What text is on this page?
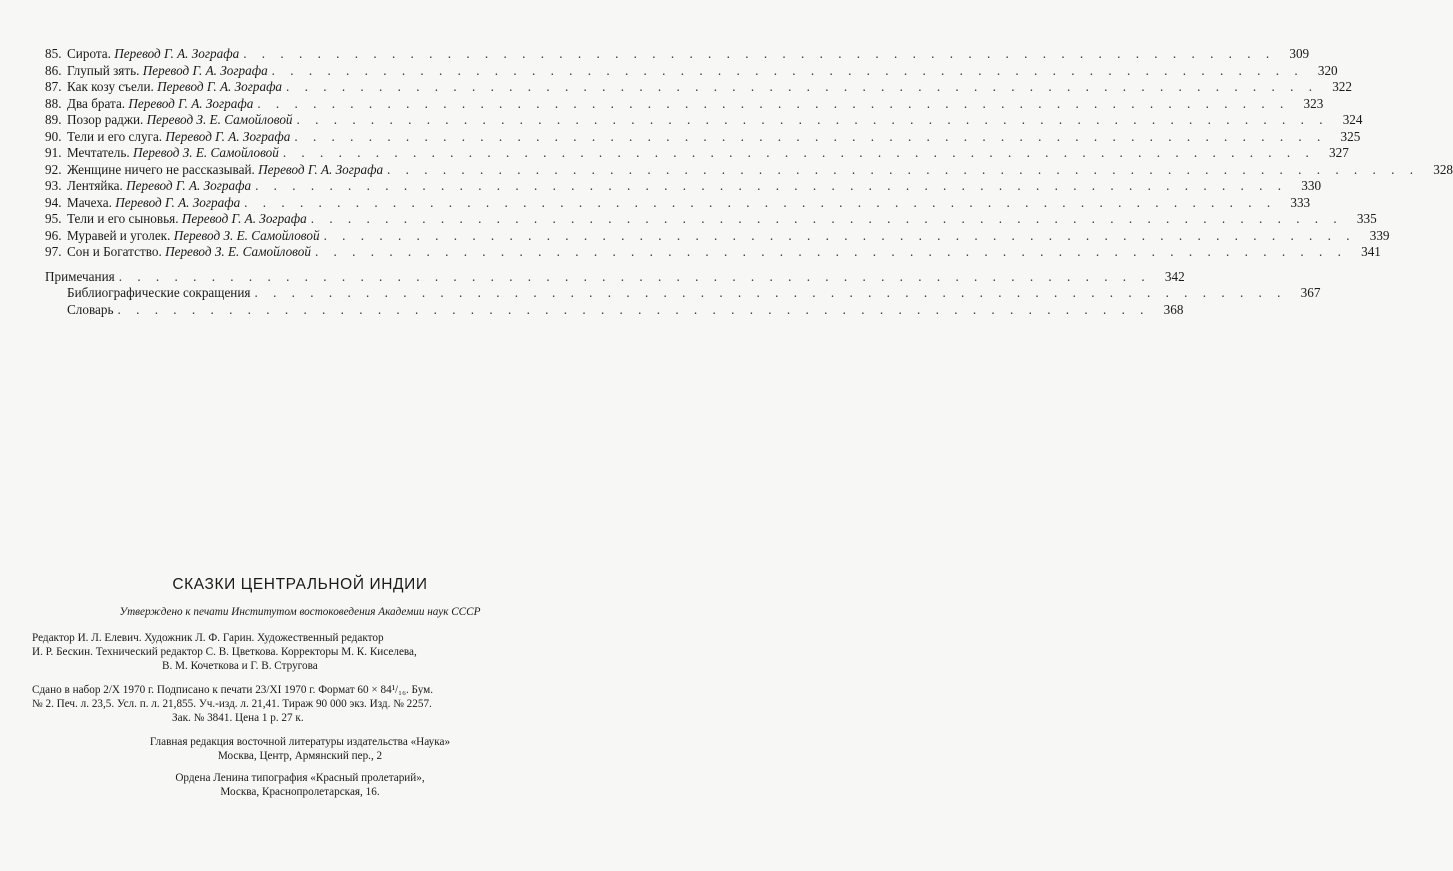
85. Сирота. Перевод Г. А. Зографа . . . . . . . . . . . . . . . . . . . . . . . . . . . . . . . . . . . . . . . . . . . . . . . . . . . . . . . .	309
86. Глупый зять. Перевод Г. А. Зографа . . . . . . . . . . . . . . . . . . . . . . . . . . . . . . . . . . . . . . . . . . . . . . . . . . . . . . . .	320
87. Как козу съели. Перевод Г. А. Зографа . . . . . . . . . . . . . . . . . . . . . . . . . . . . . . . . . . . . . . . . . . . . . . . . . . . . . . . .	322
88. Два брата. Перевод Г. А. Зографа . . . . . . . . . . . . . . . . . . . . . . . . . . . . . . . . . . . . . . . . . . . . . . . . . . . . . . . .	323
89. Позор раджи. Перевод З. Е. Самойловой . . . . . . . . . . . . . . . . . . . . . . . . . . . . . . . . . . . . . . . . . . . . . . . . . . . . . . . .	324
90. Тели и его слуга. Перевод Г. А. Зографа . . . . . . . . . . . . . . . . . . . . . . . . . . . . . . . . . . . . . . . . . . . . . . . . . . . . . . . .	325
91. Мечтатель. Перевод З. Е. Самойловой . . . . . . . . . . . . . . . . . . . . . . . . . . . . . . . . . . . . . . . . . . . . . . . . . . . . . . . .	327
92. Женщине ничего не рассказывай. Перевод Г. А. Зографа . . . . . . . . . . . . . . . . . . . . . . . . . . . . . . . . . . . . . . . . . . . . . . . . . . . . . . . .	328
93. Лентяйка. Перевод Г. А. Зографа . . . . . . . . . . . . . . . . . . . . . . . . . . . . . . . . . . . . . . . . . . . . . . . . . . . . . . . .	330
94. Мачеха. Перевод Г. А. Зографа . . . . . . . . . . . . . . . . . . . . . . . . . . . . . . . . . . . . . . . . . . . . . . . . . . . . . . . .	333
95. Тели и его сыновья. Перевод Г. А. Зографа . . . . . . . . . . . . . . . . . . . . . . . . . . . . . . . . . . . . . . . . . . . . . . . . . . . . . . . .	335
96. Муравей и уголек. Перевод З. Е. Самойловой . . . . . . . . . . . . . . . . . . . . . . . . . . . . . . . . . . . . . . . . . . . . . . . . . . . . . . . .	339
97. Сон и Богатство. Перевод З. Е. Самойловой . . . . . . . . . . . . . . . . . . . . . . . . . . . . . . . . . . . . . . . . . . . . . . . . . . . . . . . .	341
Примечания . . . . . . . . . . . . . . . . . . . . . . . . . . . . . . . . . . . . . . . . . . . . . . . . . . . . . . . .	342
Библиографические сокращения . . . . . . . . . . . . . . . . . . . . . . . . . . . . . . . . . . . . . . . . . . . . . . . . . . . . . . . .	367
Словарь . . . . . . . . . . . . . . . . . . . . . . . . . . . . . . . . . . . . . . . . . . . . . . . . . . . . . . . .	368
СКАЗКИ ЦЕНТРАЛЬНОЙ ИНДИИ
Утверждено к печати Институтом востоковедения Академии наук СССР
Редактор И. Л. Елевич. Художник Л. Ф. Гарин. Художественный редактор
И. Р. Бескин. Технический редактор С. В. Цветкова. Корректоры М. К. Киселева,
В. М. Кочеткова и Г. В. Стругова
Сдано в набор 2/X 1970 г. Подписано к печати 23/XI 1970 г. Формат 60 × 84¹/₁₆. Бум.
№ 2. Печ. л. 23,5. Усл. п. л. 21,855. Уч.-изд. л. 21,41. Тираж 90 000 экз. Изд. № 2257.
Зак. № 3841. Цена 1 р. 27 к.
Главная редакция восточной литературы издательства «Наука»
Москва, Центр, Армянский пер., 2
Ордена Ленина типография «Красный пролетарий»,
Москва, Краснопролетарская, 16.
